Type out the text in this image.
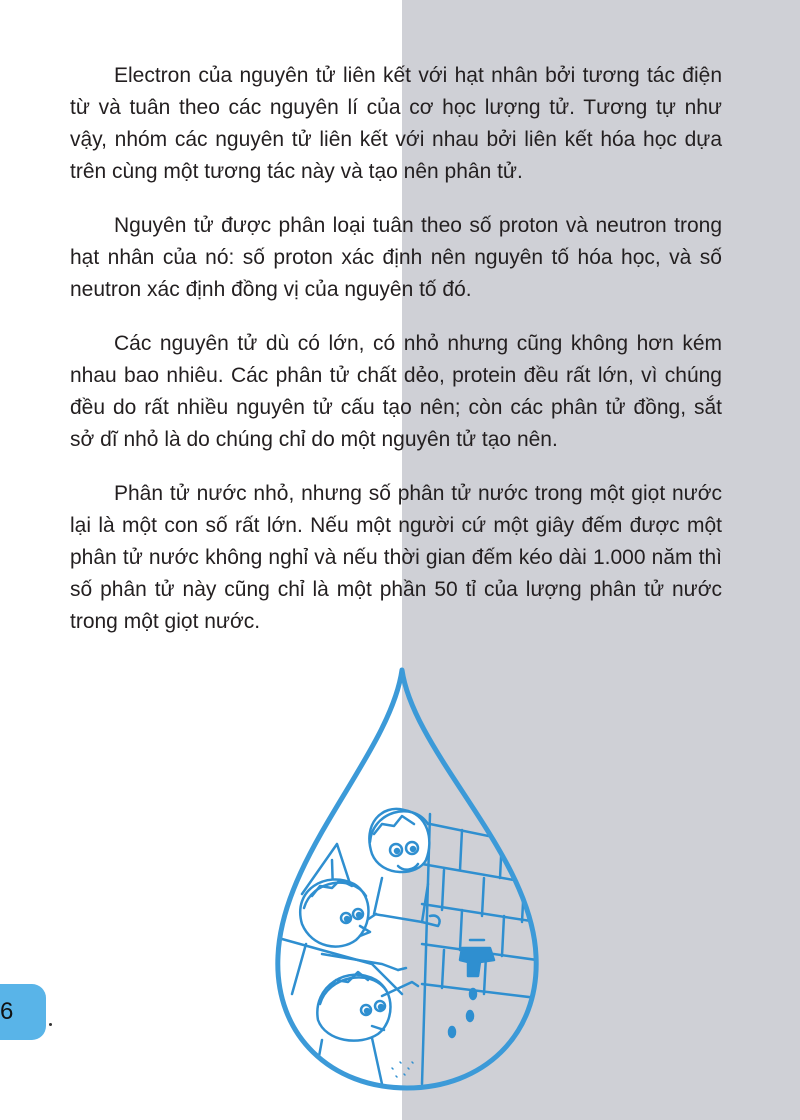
Electron của nguyên tử liên kết với hạt nhân bởi tương tác điện từ và tuân theo các nguyên lí của cơ học lượng tử. Tương tự như vậy, nhóm các nguyên tử liên kết với nhau bởi liên kết hóa học dựa trên cùng một tương tác này và tạo nên phân tử.

Nguyên tử được phân loại tuân theo số proton và neutron trong hạt nhân của nó: số proton xác định nên nguyên tố hóa học, và số neutron xác định đồng vị của nguyên tố đó.

Các nguyên tử dù có lớn, có nhỏ nhưng cũng không hơn kém nhau bao nhiêu. Các phân tử chất dẻo, protein đều rất lớn, vì chúng đều do rất nhiều nguyên tử cấu tạo nên; còn các phân tử đồng, sắt sở dĩ nhỏ là do chúng chỉ do một nguyên tử tạo nên.

Phân tử nước nhỏ, nhưng số phân tử nước trong một giọt nước lại là một con số rất lớn. Nếu một người cứ một giây đếm được một phân tử nước không nghỉ và nếu thời gian đếm kéo dài 1.000 năm thì số phân tử này cũng chỉ là một phần 50 tỉ của lượng phân tử nước trong một giọt nước.

6
